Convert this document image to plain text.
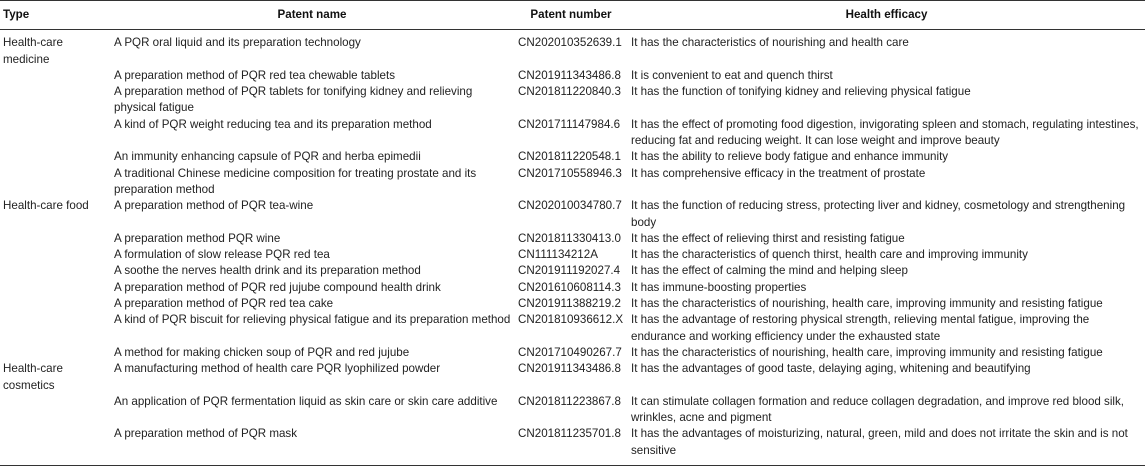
Type	Patent name	Patent number	Health efficacy
Health-care medicine	A PQR oral liquid and its preparation technology	CN202010352639.1	It has the characteristics of nourishing and health care
	A preparation method of PQR red tea chewable tablets	CN201911343486.8	It is convenient to eat and quench thirst
	A preparation method of PQR tablets for tonifying kidney and relieving physical fatigue	CN201811220840.3	It has the function of tonifying kidney and relieving physical fatigue
	A kind of PQR weight reducing tea and its preparation method	CN201711147984.6	It has the effect of promoting food digestion, invigorating spleen and stomach, regulating intestines, reducing fat and reducing weight. It can lose weight and improve beauty
	An immunity enhancing capsule of PQR and herba epimedii	CN201811220548.1	It has the ability to relieve body fatigue and enhance immunity
	A traditional Chinese medicine composition for treating prostate and its preparation method	CN201710558946.3	It has comprehensive efficacy in the treatment of prostate
Health-care food	A preparation method of PQR tea-wine	CN202010034780.7	It has the function of reducing stress, protecting liver and kidney, cosmetology and strengthening body
	A preparation method PQR wine	CN201811330413.0	It has the effect of relieving thirst and resisting fatigue
	A formulation of slow release PQR red tea	CN111134212A	It has the characteristics of quench thirst, health care and improving immunity
	A soothe the nerves health drink and its preparation method	CN201911192027.4	It has the effect of calming the mind and helping sleep
	A preparation method of PQR red jujube compound health drink	CN201610608114.3	It has immune-boosting properties
	A preparation method of PQR red tea cake	CN201911388219.2	It has the characteristics of nourishing, health care, improving immunity and resisting fatigue
	A kind of PQR biscuit for relieving physical fatigue and its preparation method	CN201810936612.X	It has the advantage of restoring physical strength, relieving mental fatigue, improving the endurance and working efficiency under the exhausted state
	A method for making chicken soup of PQR and red jujube	CN201710490267.7	It has the characteristics of nourishing, health care, improving immunity and resisting fatigue
Health-care cosmetics	A manufacturing method of health care PQR lyophilized powder	CN201911343486.8	It has the advantages of good taste, delaying aging, whitening and beautifying
	An application of PQR fermentation liquid as skin care or skin care additive	CN201811223867.8	It can stimulate collagen formation and reduce collagen degradation, and improve red blood silk, wrinkles, acne and pigment
	A preparation method of PQR mask	CN201811235701.8	It has the advantages of moisturizing, natural, green, mild and does not irritate the skin and is not sensitive
